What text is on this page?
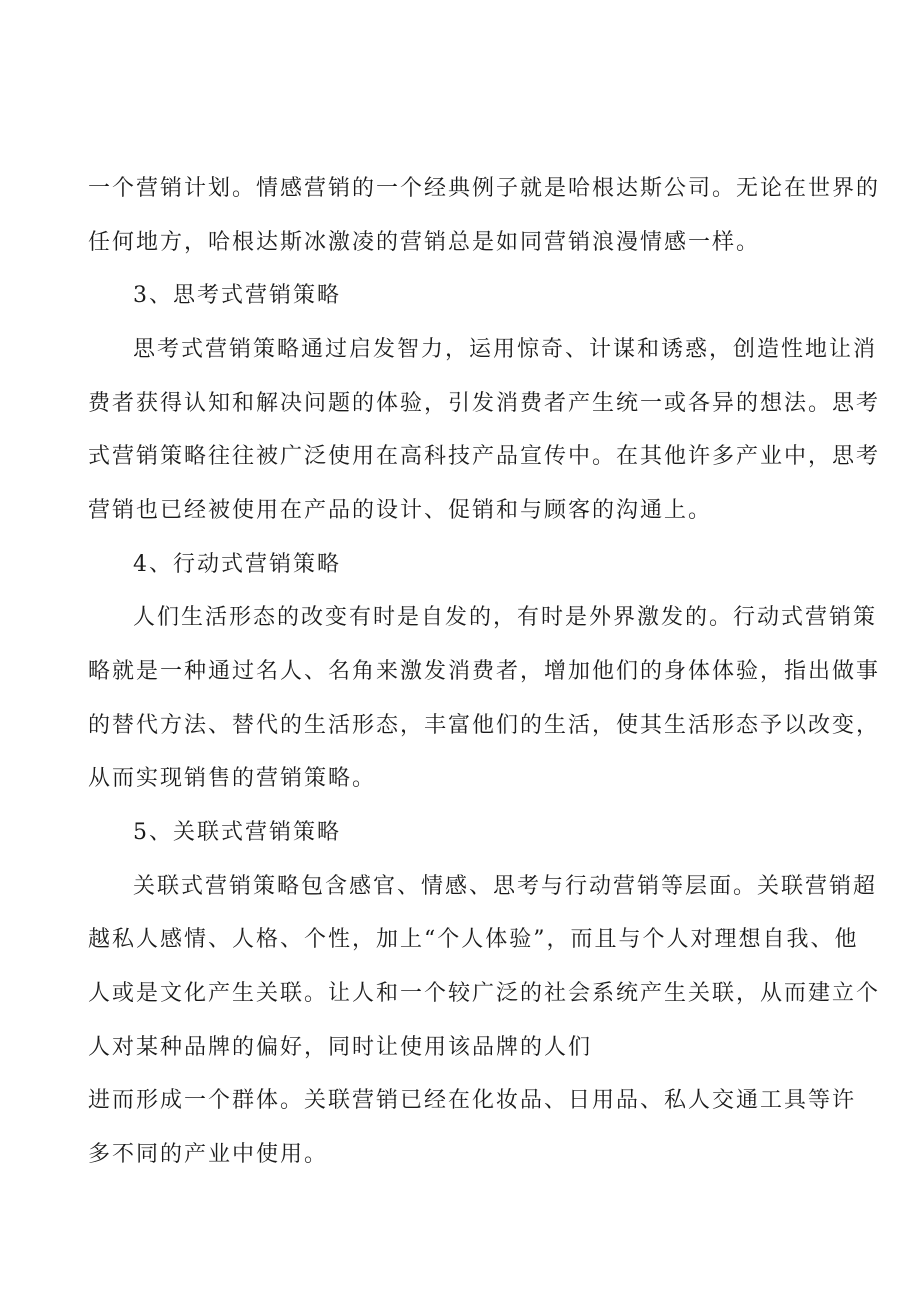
一个营销计划。情感营销的一个经典例子就是哈根达斯公司。无论在世界的
任何地方，哈根达斯冰激凌的营销总是如同营销浪漫情感一样。
3、思考式营销策略
思考式营销策略通过启发智力，运用惊奇、计谋和诱惑，创造性地让消
费者获得认知和解决问题的体验，引发消费者产生统一或各异的想法。思考
式营销策略往往被广泛使用在高科技产品宣传中。在其他许多产业中，思考
营销也已经被使用在产品的设计、促销和与顾客的沟通上。
4、行动式营销策略
人们生活形态的改变有时是自发的，有时是外界激发的。行动式营销策
略就是一种通过名人、名角来激发消费者，增加他们的身体体验，指出做事
的替代方法、替代的生活形态，丰富他们的生活，使其生活形态予以改变，
从而实现销售的营销策略。
5、关联式营销策略
关联式营销策略包含感官、情感、思考与行动营销等层面。关联营销超
越私人感情、人格、个性，加上“个人体验”，而且与个人对理想自我、他
人或是文化产生关联。让人和一个较广泛的社会系统产生关联，从而建立个
人对某种品牌的偏好，同时让使用该品牌的人们
进而形成一个群体。关联营销已经在化妆品、日用品、私人交通工具等许
多不同的产业中使用。
